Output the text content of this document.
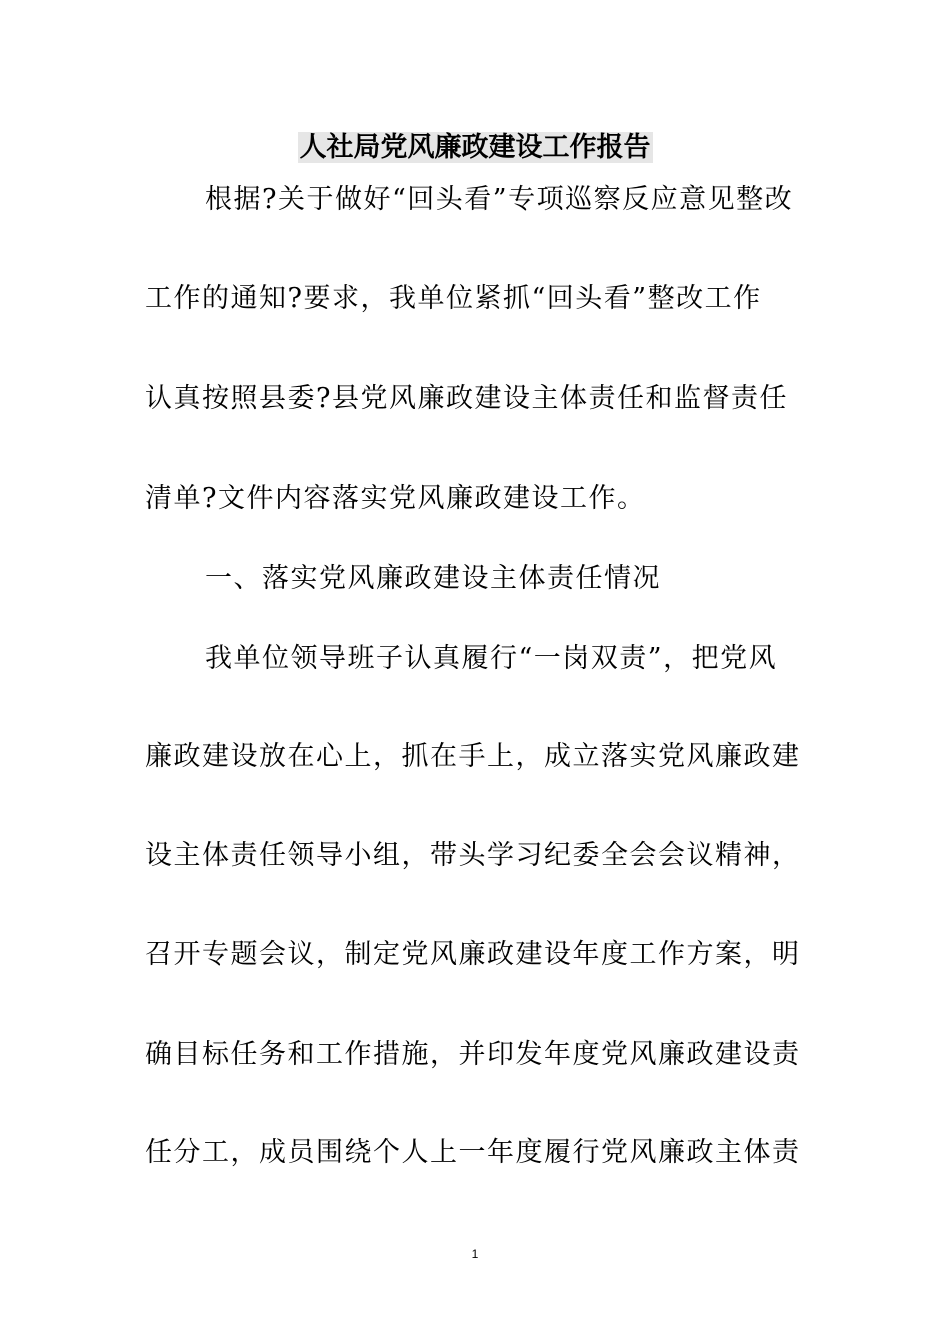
人社局党风廉政建设工作报告
根据?关于做好“回头看”专项巡察反应意见整改
工作的通知?要求，我单位紧抓“回头看”整改工作
认真按照县委?县党风廉政建设主体责任和监督责任
清单?文件内容落实党风廉政建设工作。
一、落实党风廉政建设主体责任情况
我单位领导班子认真履行“一岗双责”，把党风
廉政建设放在心上，抓在手上，成立落实党风廉政建
设主体责任领导小组，带头学习纪委全会会议精神，
召开专题会议，制定党风廉政建设年度工作方案，明
确目标任务和工作措施，并印发年度党风廉政建设责
任分工，成员围绕个人上一年度履行党风廉政主体责
1
